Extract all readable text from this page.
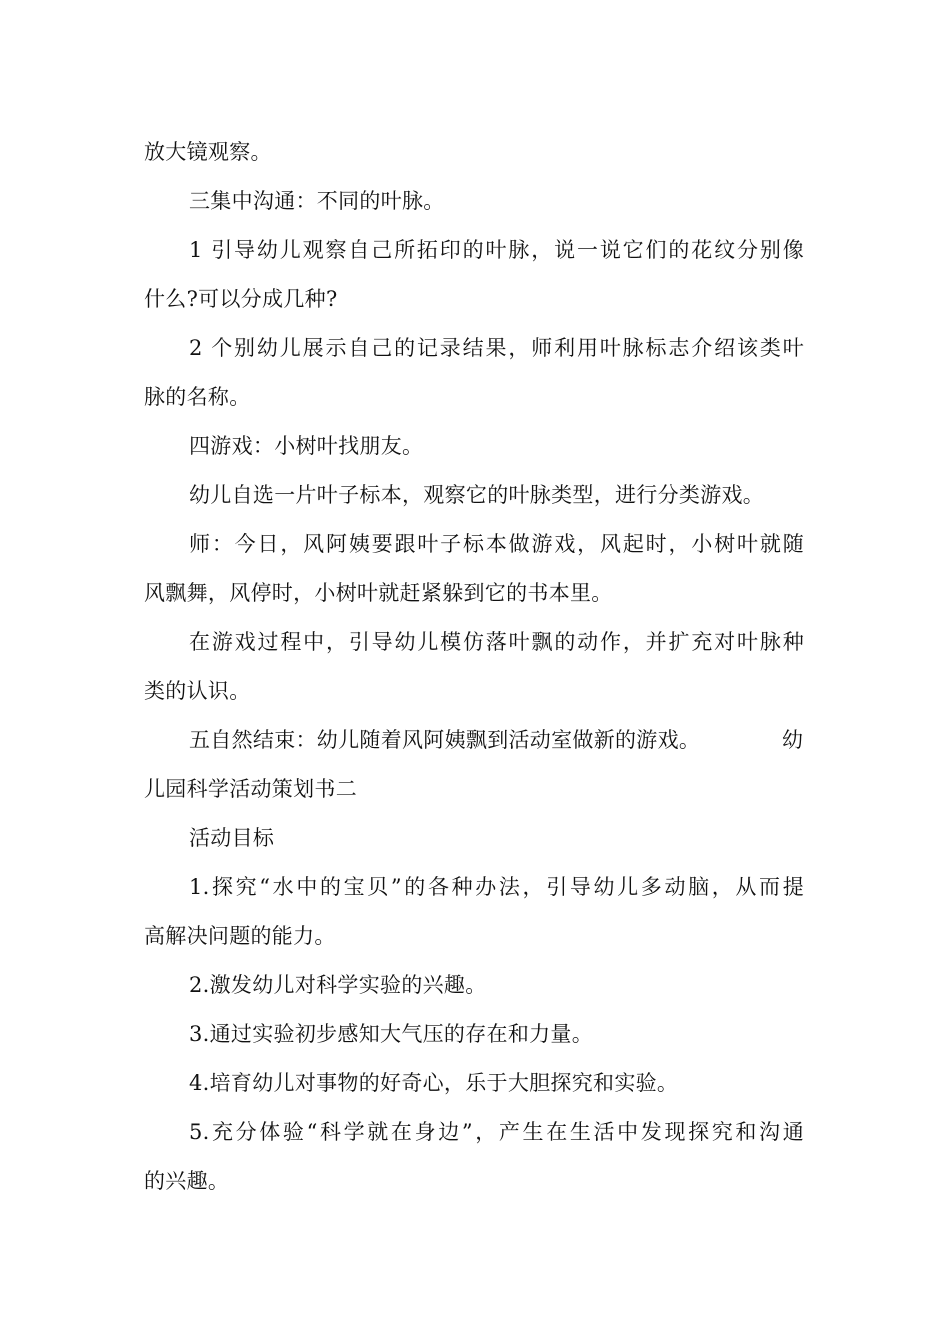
放大镜观察。
三集中沟通：不同的叶脉。
1 引导幼儿观察自己所拓印的叶脉，说一说它们的花纹分别像
什么?可以分成几种?
2 个别幼儿展示自己的记录结果，师利用叶脉标志介绍该类叶
脉的名称。
四游戏：小树叶找朋友。
幼儿自选一片叶子标本，观察它的叶脉类型，进行分类游戏。
师：今日，风阿姨要跟叶子标本做游戏，风起时，小树叶就随
风飘舞，风停时，小树叶就赶紧躲到它的书本里。
在游戏过程中，引导幼儿模仿落叶飘的动作，并扩充对叶脉种
类的认识。
五自然结束：幼儿随着风阿姨飘到活动室做新的游戏。	幼
儿园科学活动策划书二
活动目标
1.探究“水中的宝贝”的各种办法，引导幼儿多动脑，从而提
高解决问题的能力。
2.激发幼儿对科学实验的兴趣。
3.通过实验初步感知大气压的存在和力量。
4.培育幼儿对事物的好奇心，乐于大胆探究和实验。
5.充分体验“科学就在身边”，产生在生活中发现探究和沟通
的兴趣。
